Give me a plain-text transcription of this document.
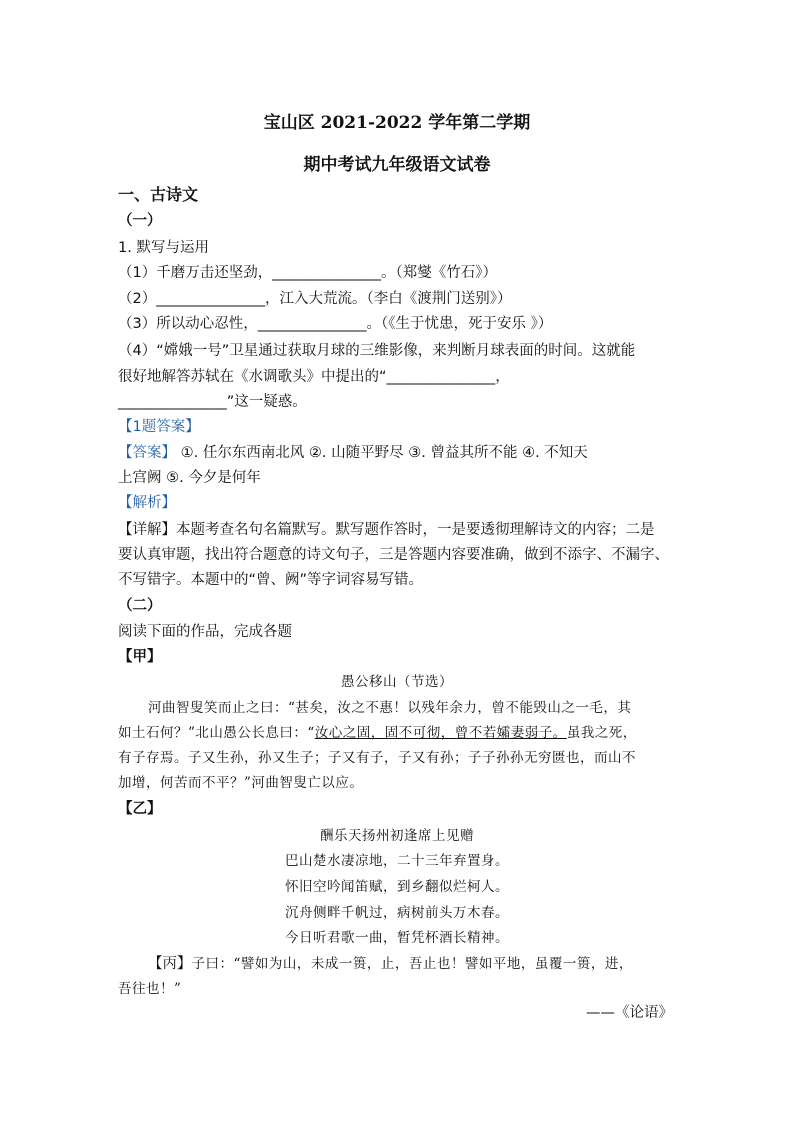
宝山区 2021-2022 学年第二学期
期中考试九年级语文试卷
一、古诗文
（一）
1. 默写与运用
（1）千磨万击还坚劲，_______________。（郑燮《竹石》）
（2）_______________，江入大荒流。（李白《渡荆门送别》）
（3）所以动心忍性，_______________。（《生于忧患，死于安乐 》）
（4）“嫦娥一号”卫星通过获取月球的三维影像，来判断月球表面的时间。这就能
很好地解答苏轼在《水调歌头》中提出的“_______________，
_______________”这一疑惑。
【1题答案】
【答案】 ①. 任尔东西南北风 ②. 山随平野尽 ③. 曾益其所不能 ④. 不知天
上宫阙 ⑤. 今夕是何年
【解析】
【详解】本题考查名句名篇默写。默写题作答时，一是要透彻理解诗文的内容；二是
要认真审题，找出符合题意的诗文句子，三是答题内容要准确，做到不添字、不漏字、
不写错字。本题中的“曾、阙”等字词容易写错。
（二）
阅读下面的作品，完成各题
【甲】
愚公移山（节选）
河曲智叟笑而止之曰：“甚矣，汝之不惠！以残年余力，曾不能毁山之一毛，其
如土石何？”北山愚公长息曰：“汝心之固，固不可彻，曾不若孀妻弱子。虽我之死，
有子存焉。子又生孙，孙又生子；子又有子，子又有孙；子子孙孙无穷匮也，而山不
加增，何苦而不平？”河曲智叟亡以应。
【乙】
酬乐天扬州初逢席上见赠
巴山楚水凄凉地，二十三年弃置身。
怀旧空吟闻笛赋，到乡翻似烂柯人。
沉舟侧畔千帆过，病树前头万木春。
今日听君歌一曲，暂凭杯酒长精神。
【丙】子曰：“譬如为山，未成一篑，止，吾止也！譬如平地，虽覆一篑，进，
吾往也！”
——《论语》
